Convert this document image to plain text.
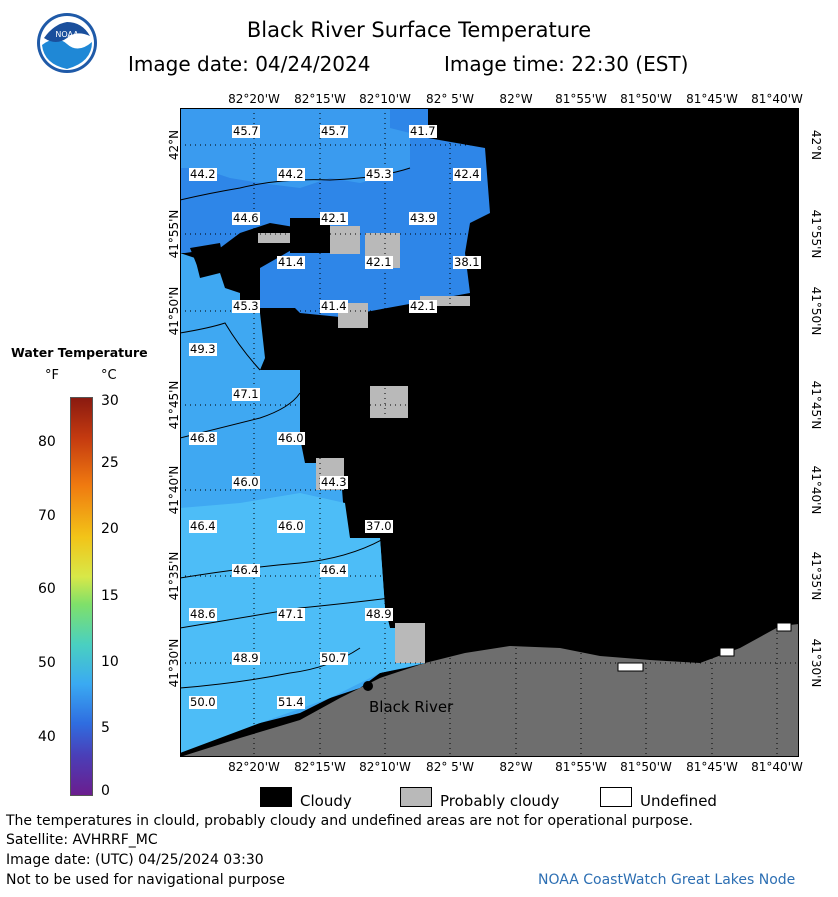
NOAA	Black River Surface Temperature
Image date: 04/24/2024	Image time: 22:30 (EST)
82°20'W 82°15'W 82°10'W 82° 5'W 82°W 81°55'W 81°50'W 81°45'W 81°40'W
82°20'W 82°15'W 82°10'W 82° 5'W 82°W 81°55'W 81°50'W 81°45'W 81°40'W
42°N
41°55'N
41°50'N
41°45'N
41°40'N
41°35'N
41°30'N
42°N
41°55'N
41°50'N
41°45'N
41°40'N
41°35'N
41°30'N
45.7	45.7	41.7
44.2	44.2	45.3	42.4
44.6	42.1	43.9
41.4	42.1	38.1
45.3	41.4	42.1
49.3
47.1
46.8	46.0
46.0	44.3
46.4	46.0	37.0
46.4	46.4
48.6	47.1	48.9
48.9	50.7
50.0	51.4	Black River
Water Temperature
°F	°C
80
70
60
50
40
30
25
20
15
10
5
0
Cloudy	Probably cloudy	Undefined
The temperatures in clould, probably cloudy and undefined areas are not for operational purpose.
Satellite: AVHRRF_MC
Image date: (UTC) 04/25/2024 03:30
Not to be used for navigational purpose	NOAA CoastWatch Great Lakes Node
